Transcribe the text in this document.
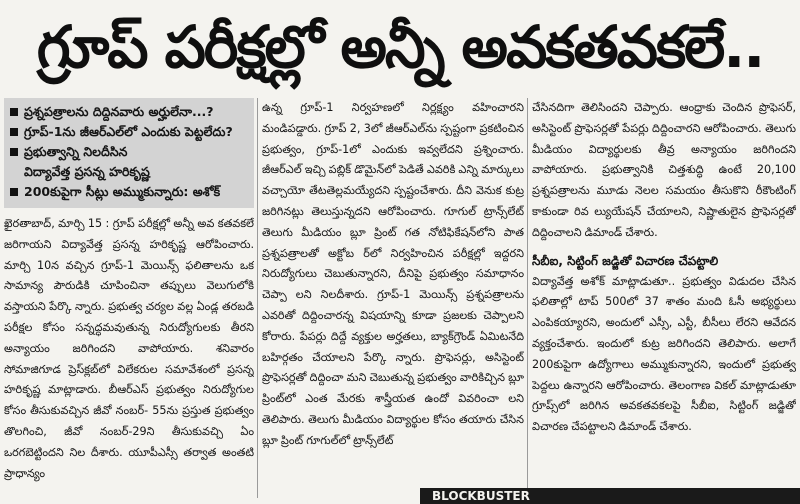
గ్రూప్ పరీక్షల్లో అన్నీ అవకతవకలే..
ప్రశ్నపత్రాలను దిద్దినవారు అర్హులేనా...?
గ్రూప్-1ను జీఆర్‌ఎల్‌లో ఎందుకు పెట్టలేదు?
ప్రభుత్వాన్ని నిలదీసిన
విద్యావేత్త ప్రసన్న హరికృష్ణ
200కుపైగా సీట్లు అమ్ముకున్నారు: అశోక్

ఖైరతాబాద్, మార్చి 15 : గ్రూప్ పరీక్షల్లో అన్నీ అవ కతవకలే జరిగాయని విద్యావేత్త ప్రసన్న హరికృష్ణ ఆరోపించారు. మార్చి 10న వచ్చిన గ్రూప్-1 మెయిన్స్ ఫలితాలను ఒక సామాన్య పౌరుడికి చూపించినా తప్పులు వెలుగులోకి వస్తాయని పేర్కొ న్నారు. ప్రభుత్వ చర్యల వల్ల ఏండ్ల తరబడి పరీక్షల కోసం సన్నద్ధమవుతున్న నిరుద్యోగులకు తీరని అన్యాయం జరిగిందని వాపోయారు. శనివారం సోమాజిగూడ ప్రెస్‌క్లబ్‌లో విలేకరుల సమావేశంలో ప్రసన్న హరికృష్ణ మాట్లాడారు. బీఆర్ఎస్ ప్రభుత్వం నిరుద్యోగుల కోసం తీసుకువచ్చిన జీవో నంబర్- 55ను ప్రస్తుత ప్రభుత్వం తొలగించి, జీవో నంబర్-29ని తీసుకువచ్చి ఏం ఒరగబెట్టిందని నిల దీశారు. యూపీఎస్సీ తర్వాత అంతటి ప్రాధాన్యం

ఉన్న గ్రూప్-1 నిర్వహణలో నిర్లక్ష్యం వహించారని మండిపడ్డారు. గ్రూప్ 2, 3లో జీఆర్ఎల్‌ను స్పష్టంగా ప్రకటించిన ప్రభుత్వం, గ్రూప్-1లో ఎందుకు ఇవ్వలేదని ప్రశ్నించారు. జీఆర్ఎల్ ఇచ్చి పబ్లిక్ డొమైన్‌లో పెడితే ఎవరికి ఎన్ని మార్కులు వచ్చాయో తేటతెల్లమయ్యేదని స్పష్టంచేశారు. దీని వెనుక కుట్ర జరిగినట్లు తెలుస్తున్నదని ఆరోపించారు. గూగుల్ ట్రాన్స్‌లేట్ తెలుగు మీడియం బ్లూ ప్రింట్ గత నోటిఫికేషన్‌లోని పాత ప్రశ్నపత్రాలతో అక్టోబ ర్‌లో నిర్వహించిన పరీక్షల్లో ఇద్దరని నిరుద్యోగులు చెబుతున్నారని, దీనిపై ప్రభుత్వం సమాధానం చెప్పా లని నిలదీశారు. గ్రూప్-1 మెయిన్స్ ప్రశ్నపత్రాలను ఎవరితో దిద్దించారన్న విషయాన్ని కూడా ప్రజలకు చెప్పాలని కోరారు. పేపర్లు దిద్దే వ్యక్తుల అర్హతలు, బ్యాక్‌గ్రౌండ్ ఏమిటనేది బహిర్గతం చేయాలని పేర్కొ న్నారు. ప్రొఫెసర్లు, అసిస్టెంట్ ప్రొఫెసర్లతో దిద్దించా మని చెబుతున్న ప్రభుత్వం వారికిచ్చిన బ్లూ ప్రింట్‌లో ఎంత మేరకు శాస్త్రీయత ఉందో వివరించా లని తెలిపారు. తెలుగు మీడియం విద్యార్థుల కోసం తయారు చేసిన బ్లూ ప్రింట్ గూగుల్‌లో ట్రాన్స్‌లేట్

చేసినదిగా తెలిసిందని చెప్పారు. ఆంధ్రాకు చెందిన ప్రొఫెసర్, అసిస్టెంట్ ప్రొఫెసర్లతో పేపర్లు దిద్దించారని ఆరోపించారు. తెలుగు మీడియం విద్యార్థులకు తీవ్ర అన్యాయం జరిగిందని వాపోయారు. ప్రభుత్వానికి చిత్తశుద్ధి ఉంటే 20,100 ప్రశ్నపత్రాలను మూడు నెలల సమయం తీసుకొని రీకౌంటింగ్ కాకుండా రివ ల్యుయేషన్ చేయాలని, నిష్ణాతులైన ప్రొఫెసర్లతో దిద్దించాలని డిమాండ్ చేశారు.

సీబీఐ, సిట్టింగ్ జడ్జితో విచారణ చేపట్టాలి

విద్యావేత్త అశోక్ మాట్లాడుతూ.. ప్రభుత్వం విడుదల చేసిన ఫలితాల్లో టాప్ 500లో 37 శాతం మంది ఓసీ అభ్యర్థులు ఎంపికయ్యారని, అందులో ఎస్సీ, ఎస్టీ, బీసీలు లేరని ఆవేదన వ్యక్తంచేశారు. ఇందులో కుట్ర జరిగిందని తెలిపారు. అలాగే 200కుపైగా ఉద్యోగాలు అమ్ముకున్నారని, ఇందులో ప్రభుత్వ పెద్దలు ఉన్నారని ఆరోపించారు. తెలంగాణ వికల్ మాట్లాడుతూ గ్రూప్స్‌లో జరిగిన అవకతవకలపై సీబీఐ, సిట్టింగ్ జడ్జితో విచారణ చేపట్టాలని డిమాండ్ చేశారు.

BLOCKBUSTER
